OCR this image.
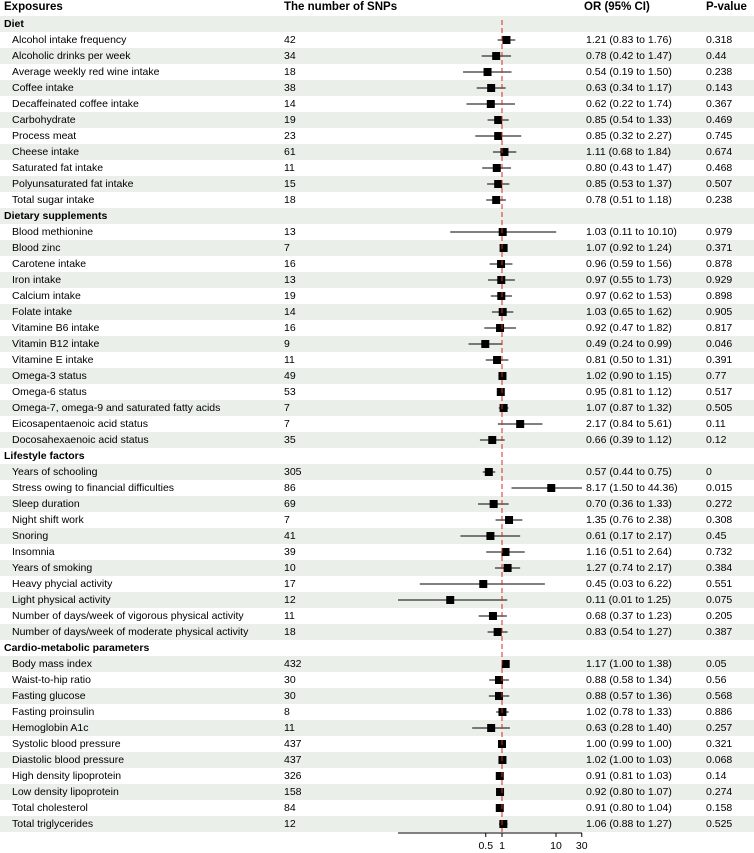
Exposures	The number of SNPs	OR (95% CI)	P-value
Diet
Alcohol intake frequency	42	1.21 (0.83 to 1.76)	0.318
Alcoholic drinks per week	34	0.78 (0.42 to 1.47)	0.44
Average weekly red wine intake	18	0.54 (0.19 to 1.50)	0.238
Coffee intake	38	0.63 (0.34 to 1.17)	0.143
Decaffeinated coffee intake	14	0.62 (0.22 to 1.74)	0.367
Carbohydrate	19	0.85 (0.54 to 1.33)	0.469
Process meat	23	0.85 (0.32 to 2.27)	0.745
Cheese intake	61	1.11 (0.68 to 1.84)	0.674
Saturated fat intake	11	0.80 (0.43 to 1.47)	0.468
Polyunsaturated fat intake	15	0.85 (0.53 to 1.37)	0.507
Total sugar intake	18	0.78 (0.51 to 1.18)	0.238
Dietary supplements
Blood methionine	13	1.03 (0.11 to 10.10)	0.979
Blood zinc	7	1.07 (0.92 to 1.24)	0.371
Carotene intake	16	0.96 (0.59 to 1.56)	0.878
Iron intake	13	0.97 (0.55 to 1.73)	0.929
Calcium intake	19	0.97 (0.62 to 1.53)	0.898
Folate intake	14	1.03 (0.65 to 1.62)	0.905
Vitamine B6 intake	16	0.92 (0.47 to 1.82)	0.817
Vitamin B12 intake	9	0.49 (0.24 to 0.99)	0.046
Vitamine E intake	11	0.81 (0.50 to 1.31)	0.391
Omega-3 status	49	1.02 (0.90 to 1.15)	0.77
Omega-6 status	53	0.95 (0.81 to 1.12)	0.517
Omega-7, omega-9 and saturated fatty acids	7	1.07 (0.87 to 1.32)	0.505
Eicosapentaenoic acid status	7	2.17 (0.84 to 5.61)	0.11
Docosahexaenoic acid status	35	0.66 (0.39 to 1.12)	0.12
Lifestyle factors
Years of schooling	305	0.57 (0.44 to 0.75)	0
Stress owing to financial difficulties	86	8.17 (1.50 to 44.36)	0.015
Sleep duration	69	0.70 (0.36 to 1.33)	0.272
Night shift work	7	1.35 (0.76 to 2.38)	0.308
Snoring	41	0.61 (0.17 to 2.17)	0.45
Insomnia	39	1.16 (0.51 to 2.64)	0.732
Years of smoking	10	1.27 (0.74 to 2.17)	0.384
Heavy phycial activity	17	0.45 (0.03 to 6.22)	0.551
Light physical activity	12	0.11 (0.01 to 1.25)	0.075
Number of days/week of vigorous physical activity	11	0.68 (0.37 to 1.23)	0.205
Number of days/week of moderate physical activity	18	0.83 (0.54 to 1.27)	0.387
Cardio-metabolic parameters
Body mass index	432	1.17 (1.00 to 1.38)	0.05
Waist-to-hip ratio	30	0.88 (0.58 to 1.34)	0.56
Fasting glucose	30	0.88 (0.57 to 1.36)	0.568
Fasting proinsulin	8	1.02 (0.78 to 1.33)	0.886
Hemoglobin A1c	11	0.63 (0.28 to 1.40)	0.257
Systolic blood pressure	437	1.00 (0.99 to 1.00)	0.321
Diastolic blood pressure	437	1.02 (1.00 to 1.03)	0.068
High density lipoprotein	326	0.91 (0.81 to 1.03)	0.14
Low density lipoprotein	158	0.92 (0.80 to 1.07)	0.274
Total cholesterol	84	0.91 (0.80 to 1.04)	0.158
Total triglycerides	12	1.06 (0.88 to 1.27)	0.525
0.5 1	10 30
